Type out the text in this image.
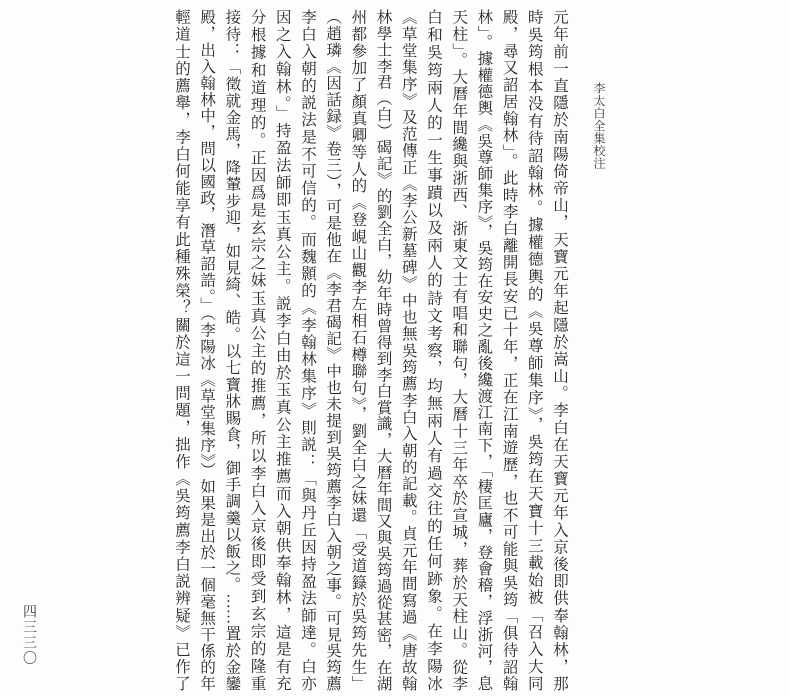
李太白全集校注

元年前一直隱於南陽倚帝山，天寶元年起隱於嵩山。李白在天寶元年入京後即供奉翰林，那

時吳筠根本没有待詔翰林。據權德輿的《吳尊師集序》，吳筠在天寶十三載始被「召入大同

殿，尋又詔居翰林」。此時李白離開長安已十年，正在江南遊歷，也不可能與吳筠「俱待詔翰

林」。據權德輿《吳尊師集序》，吳筠在安史之亂後纔渡江南下，「棲匡廬，登會稽，浮浙河，息

天柱」。大曆年間纔與浙西、浙東文士有唱和聯句，大曆十三年卒於宣城，葬於天柱山。從李

白和吳筠兩人的一生事蹟以及兩人的詩文考察，均無兩人有過交往的任何跡象。在李陽冰

《草堂集序》及范傳正《李公新墓碑》中也無吳筠薦李白入朝的記載。貞元年間寫過《唐故翰

林學士李君（白）碣記》的劉全白，幼年時曾得到李白賞識，大曆年間又與吳筠過從甚密，在湖

州都參加了顏真卿等人的《登峴山觀李左相石樽聯句》，劉全白之妹還「受道籙於吳筠先生」

（趙璘《因話録》卷三），可是他在《李君碣記》中也未提到吳筠薦李白入朝之事。可見吳筠薦

李白入朝的説法是不可信的。而魏顥的《李翰林集序》則説：「與丹丘因持盈法師達。白亦

因之入翰林。」持盈法師即玉真公主。説李白由於玉真公主推薦而入朝供奉翰林，這是有充

分根據和道理的。正因爲是玄宗之妹玉真公主的推薦，所以李白入京後即受到玄宗的隆重

接待：「徵就金馬，降輦步迎，如見綺、皓。以七寶牀賜食，御手調羹以飯之。……置於金鑾

殿，出入翰林中，問以國政，潛草詔誥。」（李陽冰《草堂集序》）如果是出於一個毫無干係的年

輕道士的薦舉，李白何能享有此種殊榮？關於這一問題，拙作《吳筠薦李白説辨疑》已作了

四三三〇
